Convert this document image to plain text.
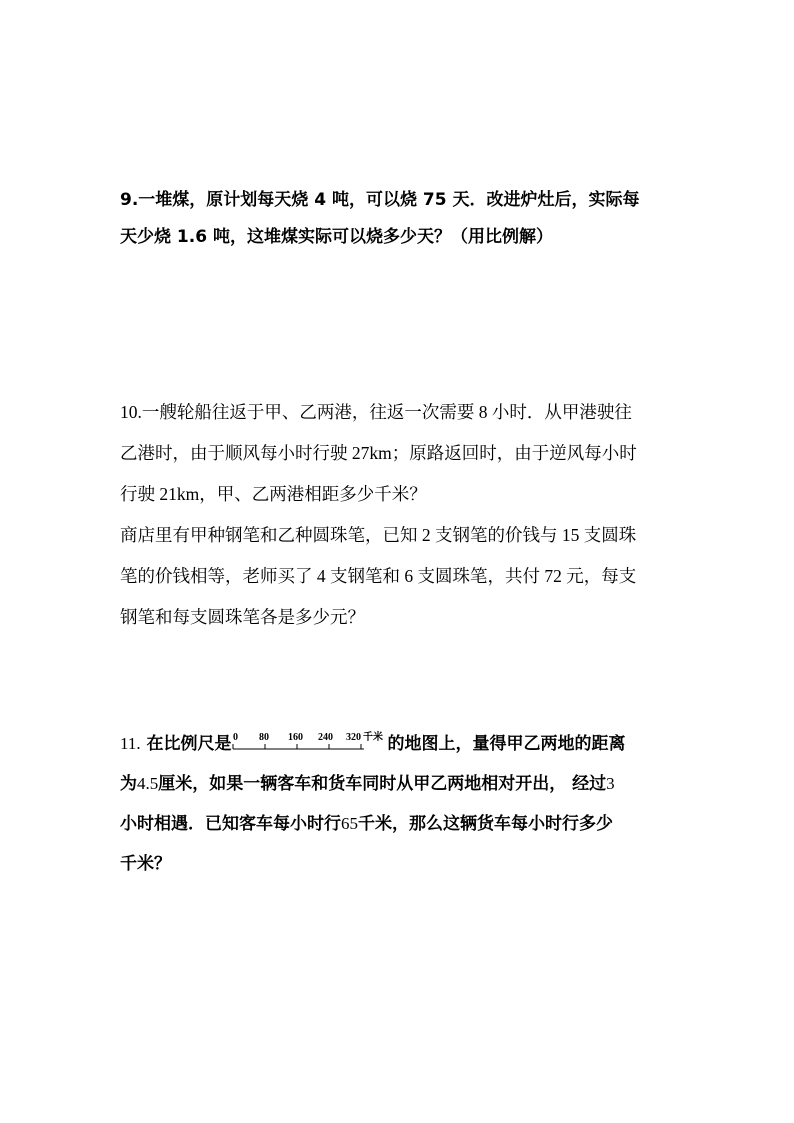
9.一堆煤，原计划每天烧 4 吨，可以烧 75 天．改进炉灶后，实际每
天少烧 1.6 吨，这堆煤实际可以烧多少天？（用比例解）
10.一艘轮船往返于甲、乙两港，往返一次需要 8 小时．从甲港驶往
乙港时，由于顺风每小时行驶 27km；原路返回时，由于逆风每小时
行驶 21km，甲、乙两港相距多少千米？
商店里有甲种钢笔和乙种圆珠笔，已知 2 支钢笔的价钱与 15 支圆珠
笔的价钱相等，老师买了 4 支钢笔和 6 支圆珠笔，共付 72 元，每支
钢笔和每支圆珠笔各是多少元？
11. 在比例尺是 0 80 160 240 320 千米 的地图上，量得甲乙两地的距离
为4.5厘米，如果一辆客车和货车同时从甲乙两地相对开出， 经过3
小时相遇．已知客车每小时行65千米，那么这辆货车每小时行多少
千米？
